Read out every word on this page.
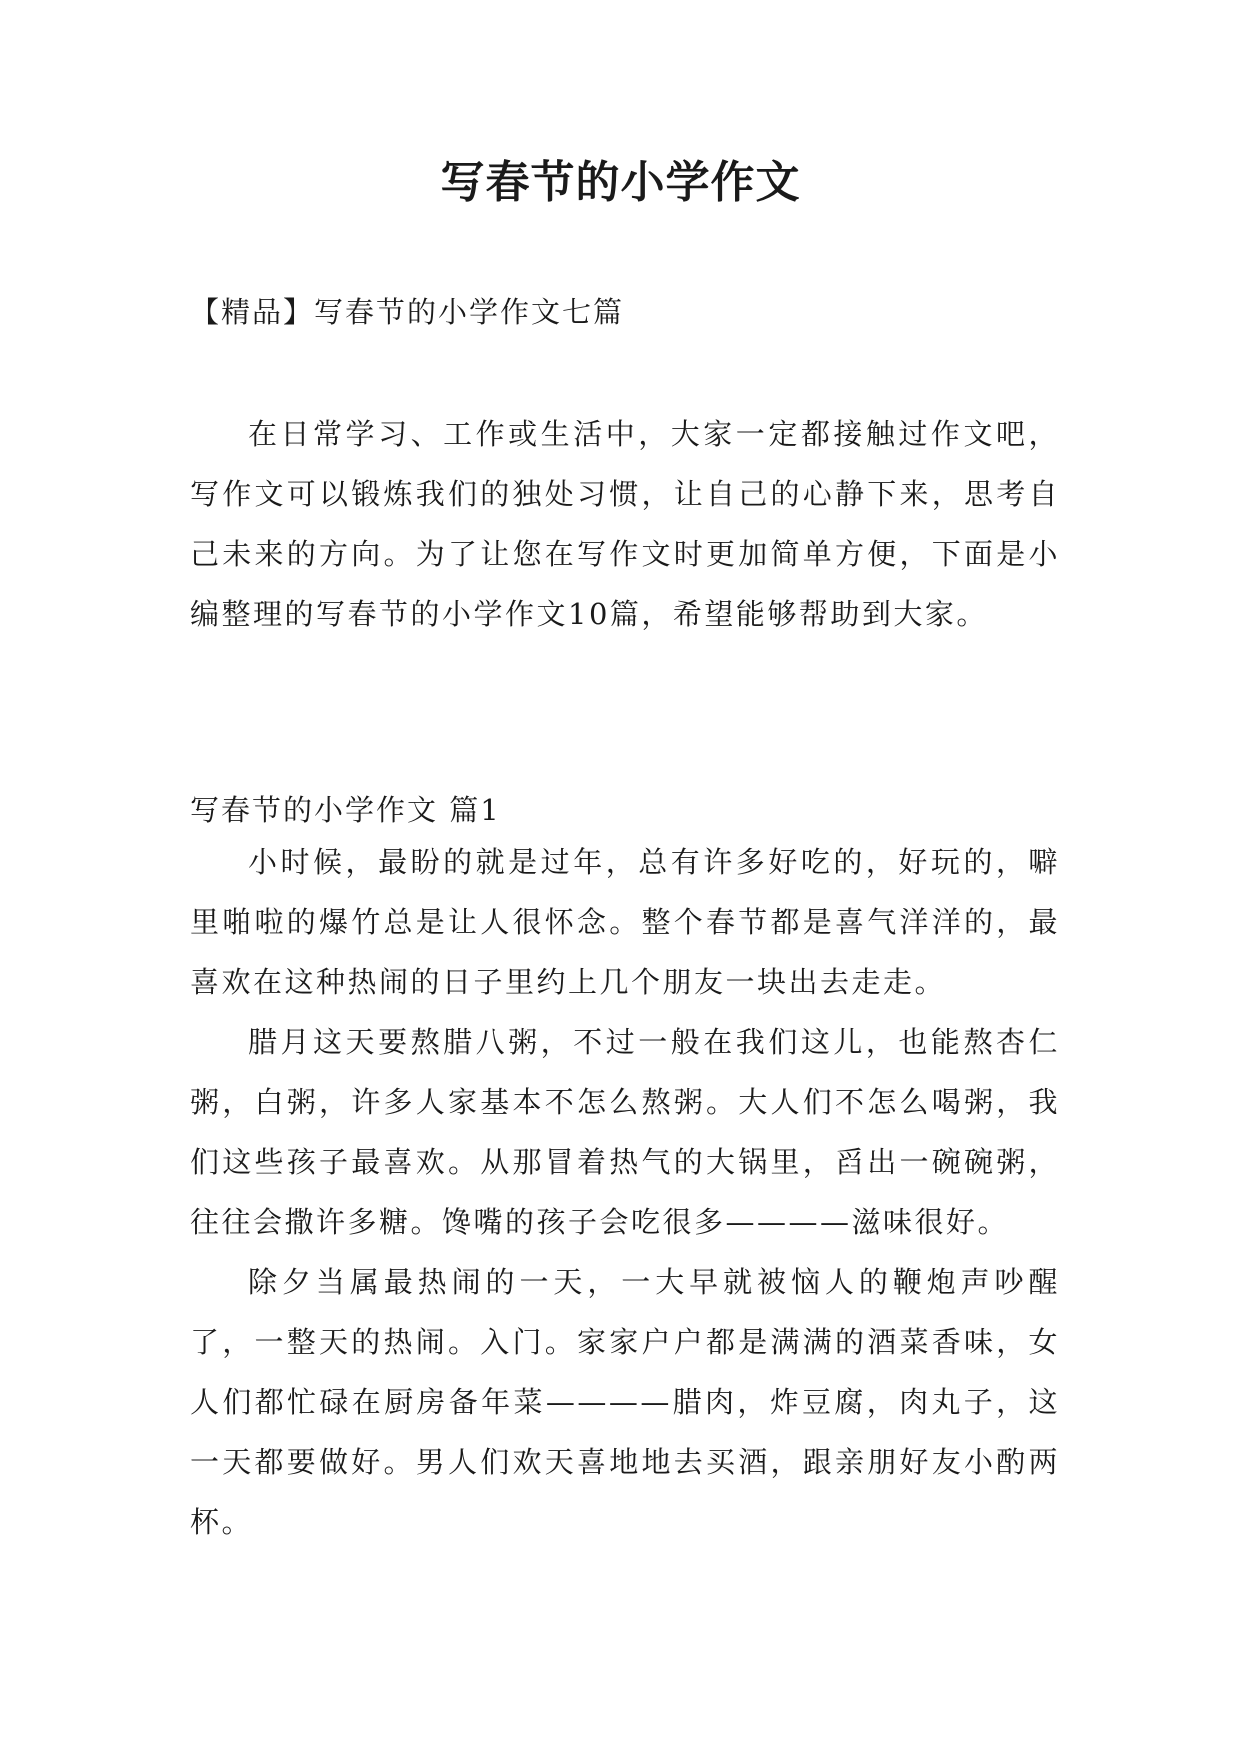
写春节的小学作文
【精品】写春节的小学作文七篇

在日常学习、工作或生活中，大家一定都接触过作文吧，写作文可以锻炼我们的独处习惯，让自己的心静下来，思考自己未来的方向。为了让您在写作文时更加简单方便，下面是小编整理的写春节的小学作文10篇，希望能够帮助到大家。

写春节的小学作文 篇1

小时候，最盼的就是过年，总有许多好吃的，好玩的，噼里啪啦的爆竹总是让人很怀念。整个春节都是喜气洋洋的，最喜欢在这种热闹的日子里约上几个朋友一块出去走走。

腊月这天要熬腊八粥，不过一般在我们这儿，也能熬杏仁粥，白粥，许多人家基本不怎么熬粥。大人们不怎么喝粥，我们这些孩子最喜欢。从那冒着热气的大锅里，舀出一碗碗粥，往往会撒许多糖。馋嘴的孩子会吃很多————滋味很好。

除夕当属最热闹的一天，一大早就被恼人的鞭炮声吵醒了，一整天的热闹。入门。家家户户都是满满的酒菜香味，女人们都忙碌在厨房备年菜————腊肉，炸豆腐，肉丸子，这一天都要做好。男人们欢天喜地地去买酒，跟亲朋好友小酌两杯。
